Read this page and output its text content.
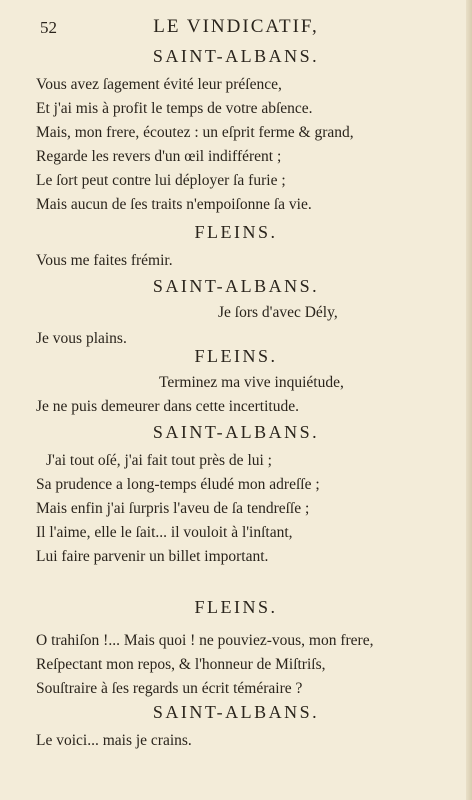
52	LE VINDICATIF,
SAINT-ALBANS.
Vous avez ſagement évité leur préſence,
Et j'ai mis à profit le temps de votre abſence.
Mais, mon frere, écoutez : un eſprit ferme & grand,
Regarde les revers d'un œil indifférent ;
Le ſort peut contre lui déployer ſa furie ;
Mais aucun de ſes traits n'empoiſonne ſa vie.
FLEINS.
Vous me faites frémir.
SAINT-ALBANS.
Je ſors d'avec Dély,
Je vous plains.
FLEINS.
Terminez ma vive inquiétude,
Je ne puis demeurer dans cette incertitude.
SAINT-ALBANS.
J'ai tout oſé, j'ai fait tout près de lui ;
Sa prudence a long-temps éludé mon adreſſe ;
Mais enfin j'ai ſurpris l'aveu de ſa tendreſſe ;
Il l'aime, elle le ſait... il vouloit à l'inſtant,
Lui faire parvenir un billet important.
FLEINS.
O trahiſon !... Mais quoi ! ne pouviez-vous, mon frere,
Reſpectant mon repos, & l'honneur de Miſtriſs,
Souſtraire à ſes regards un écrit téméraire ?
SAINT-ALBANS.
Le voici... mais je crains.
